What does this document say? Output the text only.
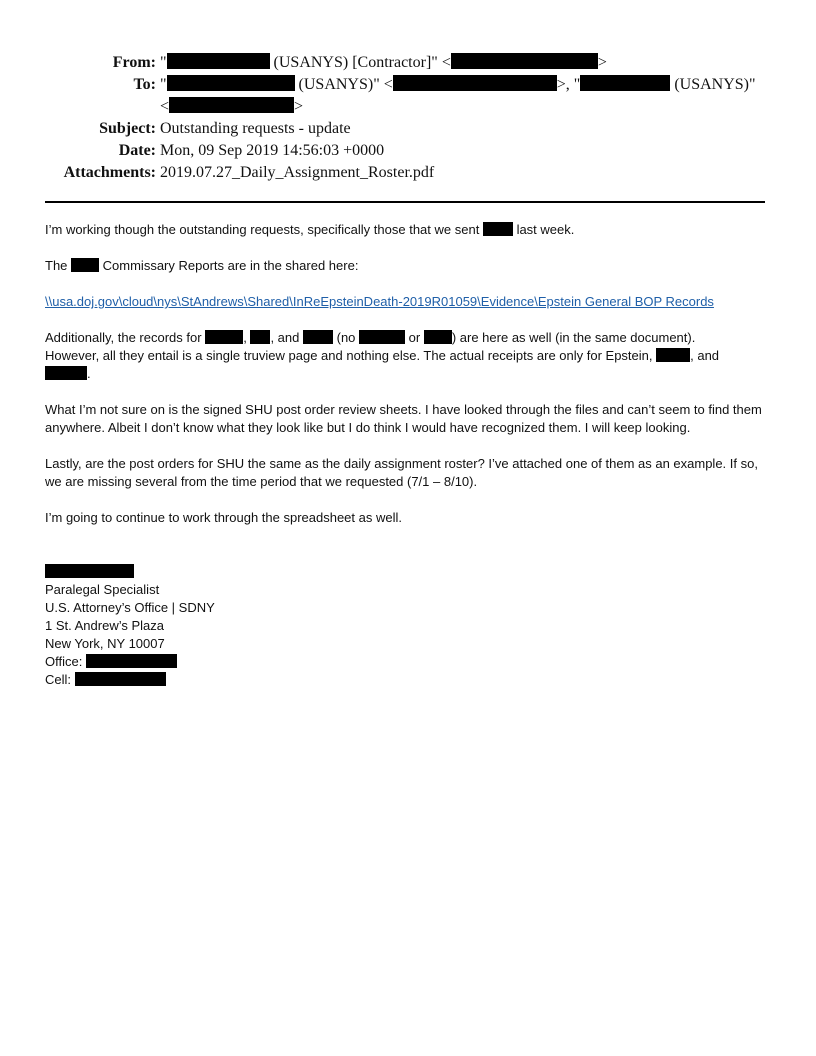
From: "	(USANYS) [Contractor]" <	>
To: "	(USANYS)" <	>, "	(USANYS)"
<	>
Subject: Outstanding requests - update
Date: Mon, 09 Sep 2019 14:56:03 +0000
Attachments: 2019.07.27_Daily_Assignment_Roster.pdf

I’m working though the outstanding requests, specifically those that we sent	last week.

The	Commissary Reports are in the shared here:

\\usa.doj.gov\cloud\nys\StAndrews\Shared\InReEpsteinDeath-2019R01059\Evidence\Epstein General BOP Records

Additionally, the records for	, , and	(no	or ) are here as well (in the same document).
However, all they entail is a single truview page and nothing else. The actual receipts are only for Epstein,	, and
.

What I’m not sure on is the signed SHU post order review sheets. I have looked through the files and can’t seem to find them anywhere. Albeit I don’t know what they look like but I do think I would have recognized them. I will keep looking.

Lastly, are the post orders for SHU the same as the daily assignment roster? I’ve attached one of them as an example. If so, we are missing several from the time period that we requested (7/1 – 8/10).

I’m going to continue to work through the spreadsheet as well.

Paralegal Specialist
U.S. Attorney’s Office | SDNY
1 St. Andrew’s Plaza
New York, NY 10007
Office:
Cell:
